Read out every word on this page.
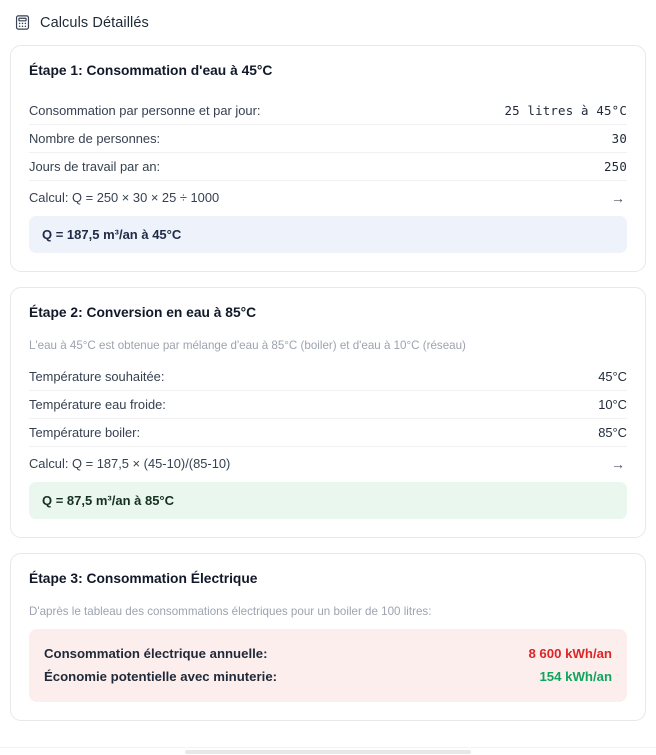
Calculs Détaillés
Étape 1: Consommation d'eau à 45°C
Consommation par personne et par jour:	25 litres à 45°C
Nombre de personnes:	30
Jours de travail par an:	250
Calcul: Q = 250 × 30 × 25 ÷ 1000	→
Q = 187,5 m³/an à 45°C
Étape 2: Conversion en eau à 85°C
L'eau à 45°C est obtenue par mélange d'eau à 85°C (boiler) et d'eau à 10°C (réseau)
Température souhaitée:	45°C
Température eau froide:	10°C
Température boiler:	85°C
Calcul: Q = 187,5 × (45-10)/(85-10)	→
Q = 87,5 m³/an à 85°C
Étape 3: Consommation Électrique
D'après le tableau des consommations électriques pour un boiler de 100 litres:
Consommation électrique annuelle:	8 600 kWh/an
Économie potentielle avec minuterie:	154 kWh/an
